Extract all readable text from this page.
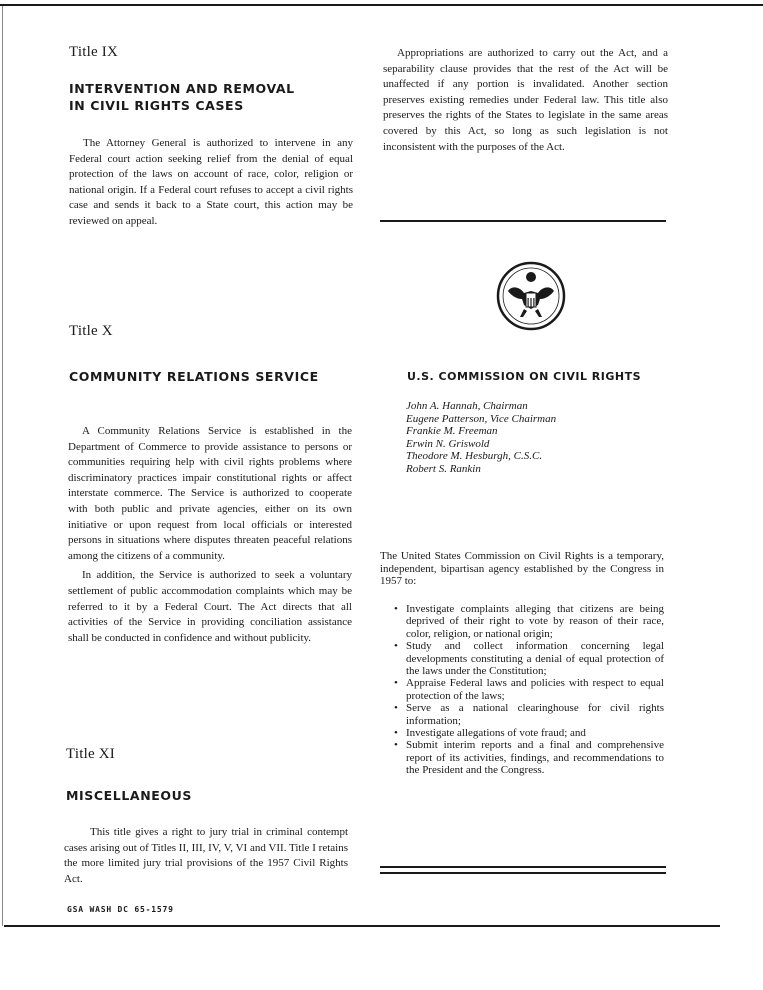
Title IX
INTERVENTION AND REMOVAL
IN CIVIL RIGHTS CASES

The Attorney General is authorized to intervene in any Federal court action seeking relief from the denial of equal protection of the laws on account of race, color, religion or national origin. If a Federal court refuses to accept a civil rights case and sends it back to a State court, this action may be reviewed on appeal.

Title X
COMMUNITY RELATIONS SERVICE

A Community Relations Service is established in the Department of Commerce to provide assistance to persons or communities requiring help with civil rights problems where discriminatory practices impair constitutional rights or affect interstate commerce. The Service is authorized to cooperate with both public and private agencies, either on its own initiative or upon request from local officials or interested persons in situations where disputes threaten peaceful relations among the citizens of a community.

In addition, the Service is authorized to seek a voluntary settlement of public accommodation complaints which may be referred to it by a Federal Court. The Act directs that all activities of the Service in providing conciliation assistance shall be conducted in confidence and without publicity.

Title XI
MISCELLANEOUS

This title gives a right to jury trial in criminal contempt cases arising out of Titles II, III, IV, V, VI and VII. Title I retains the more limited jury trial provisions of the 1957 Civil Rights Act.

GSA WASH DC 65-1579

Appropriations are authorized to carry out the Act, and a separability clause provides that the rest of the Act will be unaffected if any portion is invalidated. Another section preserves existing remedies under Federal law. This title also preserves the rights of the States to legislate in the same areas covered by this Act, so long as such legislation is not inconsistent with the purposes of the Act.

U.S. COMMISSION ON CIVIL RIGHTS
John A. Hannah, Chairman
Eugene Patterson, Vice Chairman
Frankie M. Freeman
Erwin N. Griswold
Theodore M. Hesburgh, C.S.C.
Robert S. Rankin

The United States Commission on Civil Rights is a temporary, independent, bipartisan agency established by the Congress in 1957 to:

• Investigate complaints alleging that citizens are being deprived of their right to vote by reason of their race, color, religion, or national origin;
• Study and collect information concerning legal developments constituting a denial of equal protection of the laws under the Constitution;
• Appraise Federal laws and policies with respect to equal protection of the laws;
• Serve as a national clearinghouse for civil rights information;
• Investigate allegations of vote fraud; and
• Submit interim reports and a final and comprehensive report of its activities, findings, and recommendations to the President and the Congress.
